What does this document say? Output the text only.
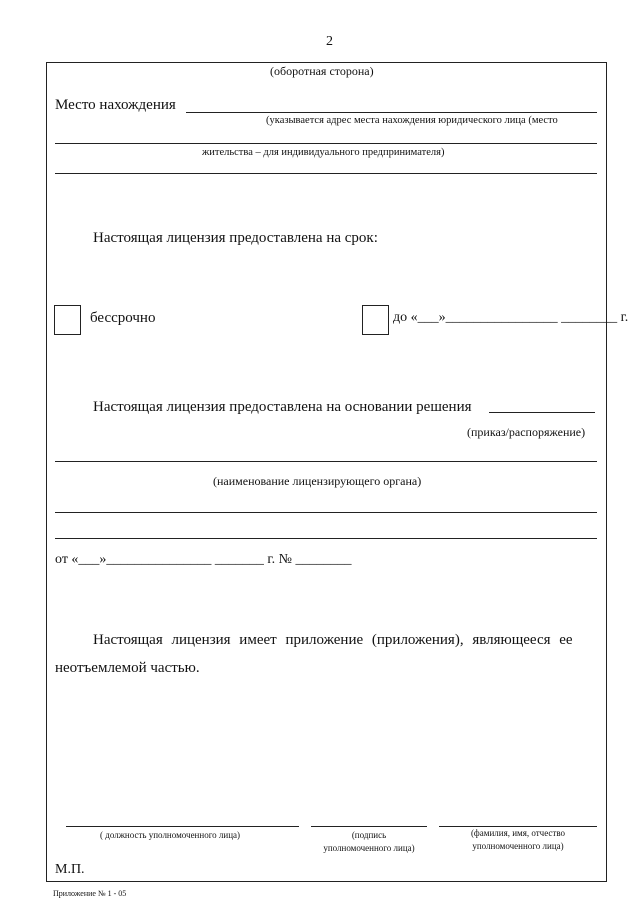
2
(оборотная сторона)
Место нахождения
(указывается адрес места нахождения юридического лица (место
жительства – для индивидуального предпринимателя)
Настоящая лицензия предоставлена на срок:
бессрочно	до «___»________________ ________ г.
Настоящая лицензия предоставлена на основании решения
(приказ/распоряжение)
(наименование лицензирующего органа)
от «___»_______________ _______ г. № ________
Настоящая лицензия имеет приложение (приложения), являющееся ее
неотъемлемой частью.
( должность уполномоченного лица)	(подпись
уполномоченного лица)
(фамилия, имя, отчество
уполномоченного лица)
М.П.
Приложение № 1 - 05
